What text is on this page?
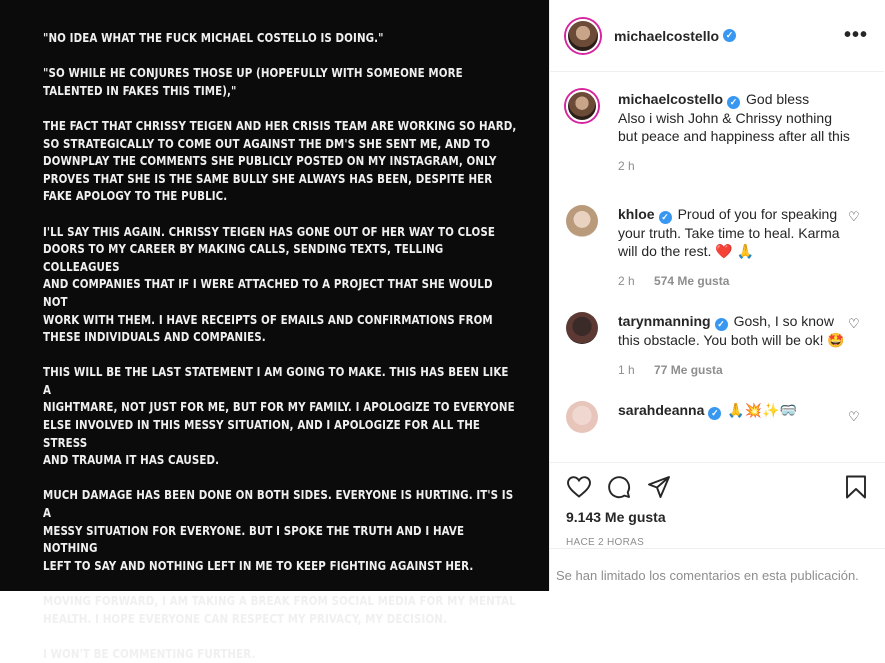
"NO IDEA WHAT THE FUCK MICHAEL COSTELLO IS DOING."

"SO WHILE HE CONJURES THOSE UP (HOPEFULLY WITH SOMEONE MORE
TALENTED IN FAKES THIS TIME),"

THE FACT THAT CHRISSY TEIGEN AND HER CRISIS TEAM ARE WORKING SO HARD,
SO STRATEGICALLY TO COME OUT AGAINST THE DM'S SHE SENT ME, AND TO
DOWNPLAY THE COMMENTS SHE PUBLICLY POSTED ON MY INSTAGRAM, ONLY
PROVES THAT SHE IS THE SAME BULLY SHE ALWAYS HAS BEEN, DESPITE HER
FAKE APOLOGY TO THE PUBLIC.

I'LL SAY THIS AGAIN. CHRISSY TEIGEN HAS GONE OUT OF HER WAY TO CLOSE
DOORS TO MY CAREER BY MAKING CALLS, SENDING TEXTS, TELLING COLLEAGUES
AND COMPANIES THAT IF I WERE ATTACHED TO A PROJECT THAT SHE WOULD NOT
WORK WITH THEM. I HAVE RECEIPTS OF EMAILS AND CONFIRMATIONS FROM
THESE INDIVIDUALS AND COMPANIES.

THIS WILL BE THE LAST STATEMENT I AM GOING TO MAKE. THIS HAS BEEN LIKE A
NIGHTMARE, NOT JUST FOR ME, BUT FOR MY FAMILY. I APOLOGIZE TO EVERYONE
ELSE INVOLVED IN THIS MESSY SITUATION, AND I APOLOGIZE FOR ALL THE STRESS
AND TRAUMA IT HAS CAUSED.

MUCH DAMAGE HAS BEEN DONE ON BOTH SIDES. EVERYONE IS HURTING. IT'S IS A
MESSY SITUATION FOR EVERYONE. BUT I SPOKE THE TRUTH AND I HAVE NOTHING
LEFT TO SAY AND NOTHING LEFT IN ME TO KEEP FIGHTING AGAINST HER.

MOVING FORWARD, I AM TAKING A BREAK FROM SOCIAL MEDIA FOR MY MENTAL
HEALTH. I HOPE EVERYONE CAN RESPECT MY PRIVACY, MY DECISION.

I WON'T BE COMMENTING FURTHER.

michaelcostello ✓	•••
michaelcostello ✓ God bless
Also i wish John & Chrissy nothing but peace and happiness after all this
2 h
khloe ✓ Proud of you for speaking your truth. Take time to heal. Karma will do the rest. ❤️ 🙏
2 h 574 Me gusta
♡
tarynmanning ✓ Gosh, I so know this obstacle. You both will be ok! 🤩
1 h 77 Me gusta
♡
sarahdeanna ✓ 🙏💥✨🥽	♡
9.143 Me gusta
HACE 2 HORAS
Se han limitado los comentarios en esta publicación.
